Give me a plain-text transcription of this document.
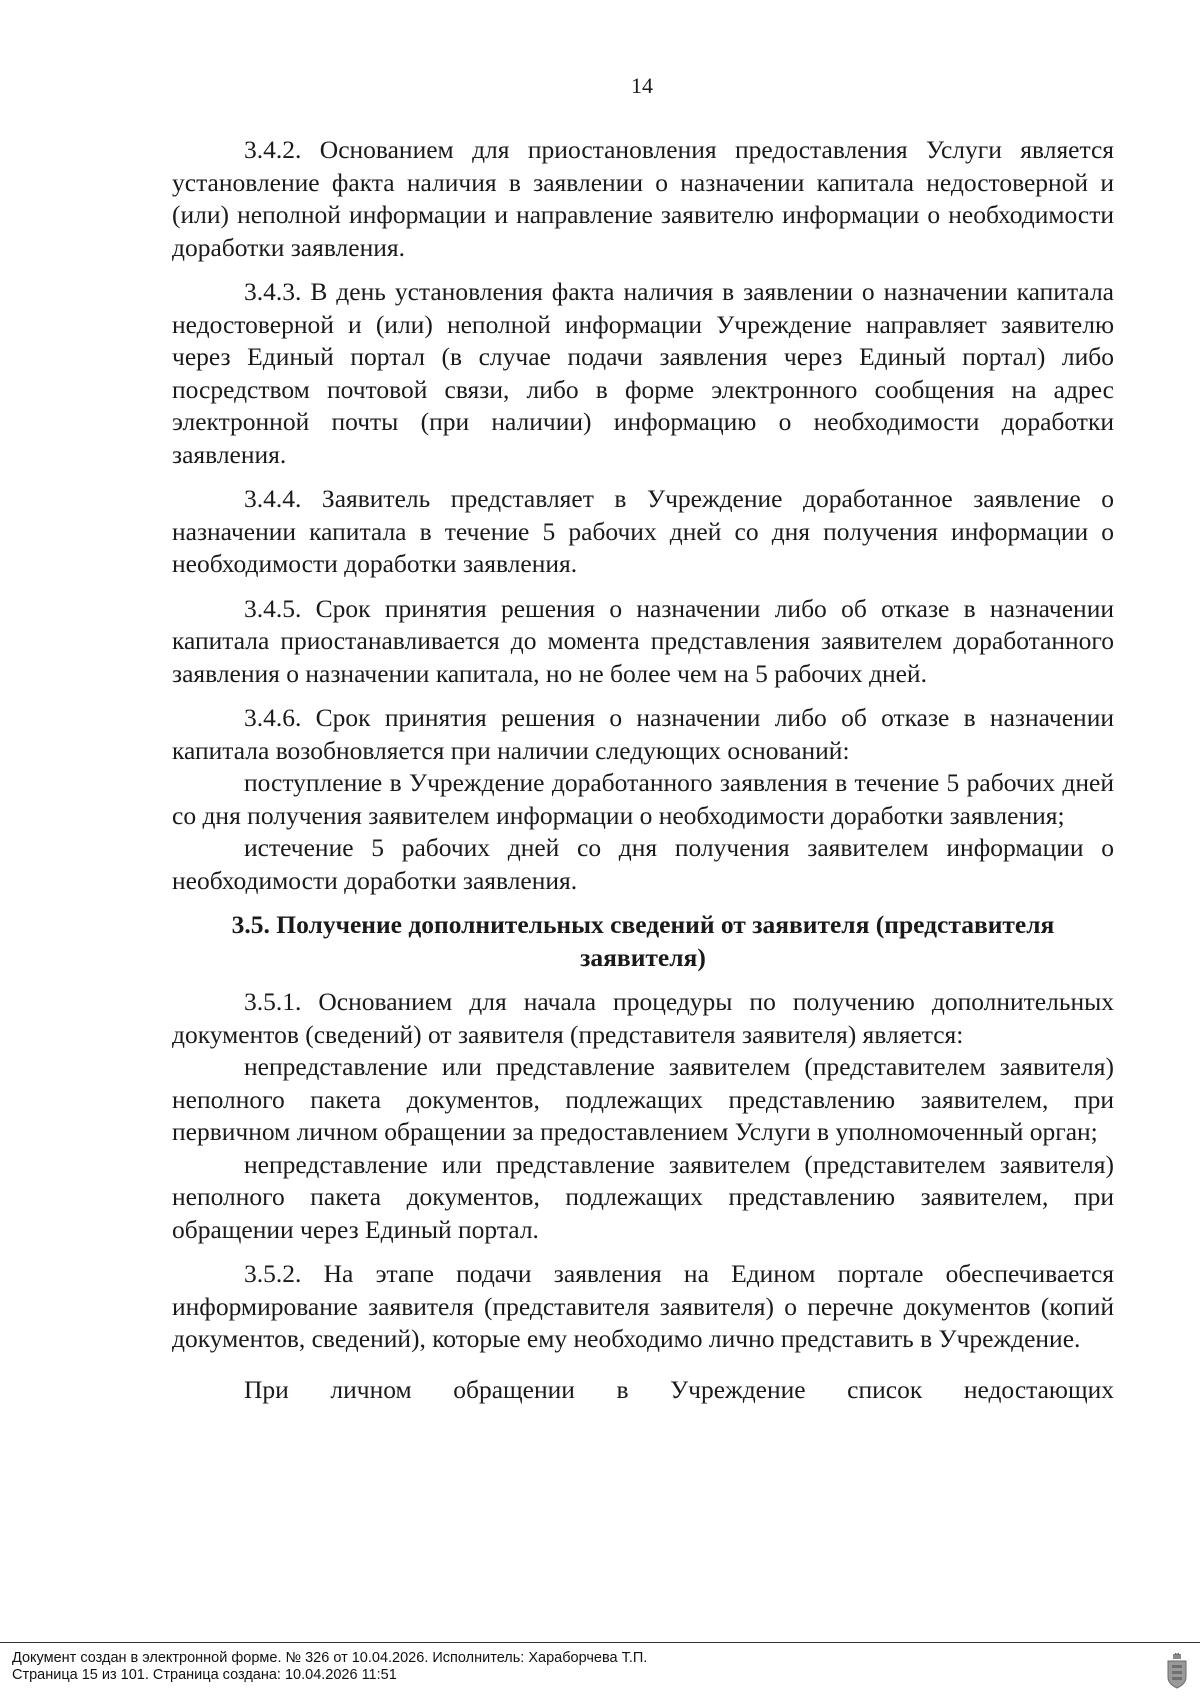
14

3.4.2. Основанием для приостановления предоставления Услуги является установление факта наличия в заявлении о назначении капитала недостоверной и (или) неполной информации и направление заявителю информации о необходимости доработки заявления.

3.4.3. В день установления факта наличия в заявлении о назначении капитала недостоверной и (или) неполной информации Учреждение направляет заявителю через Единый портал (в случае подачи заявления через Единый портал) либо посредством почтовой связи, либо в форме электронного сообщения на адрес электронной почты (при наличии) информацию о необходимости доработки заявления.

3.4.4. Заявитель представляет в Учреждение доработанное заявление о назначении капитала в течение 5 рабочих дней со дня получения информации о необходимости доработки заявления.

3.4.5. Срок принятия решения о назначении либо об отказе в назначении капитала приостанавливается до момента представления заявителем доработанного заявления о назначении капитала, но не более чем на 5 рабочих дней.

3.4.6. Срок принятия решения о назначении либо об отказе в назначении капитала возобновляется при наличии следующих оснований:

поступление в Учреждение доработанного заявления в течение 5 рабочих дней со дня получения заявителем информации о необходимости доработки заявления;

истечение 5 рабочих дней со дня получения заявителем информации о необходимости доработки заявления.

3.5. Получение дополнительных сведений от заявителя (представителя заявителя)

3.5.1. Основанием для начала процедуры по получению дополнительных документов (сведений) от заявителя (представителя заявителя) является:

непредставление или представление заявителем (представителем заявителя) неполного пакета документов, подлежащих представлению заявителем, при первичном личном обращении за предоставлением Услуги в уполномоченный орган;

непредставление или представление заявителем (представителем заявителя) неполного пакета документов, подлежащих представлению заявителем, при обращении через Единый портал.

3.5.2. На этапе подачи заявления на Едином портале обеспечивается информирование заявителя (представителя заявителя) о перечне документов (копий документов, сведений), которые ему необходимо лично представить в Учреждение.

При личном обращении в Учреждение список недостающих

Документ создан в электронной форме. № 326 от 10.04.2026. Исполнитель: Хараборчева Т.П.
Страница 15 из 101. Страница создана: 10.04.2026 11:51
